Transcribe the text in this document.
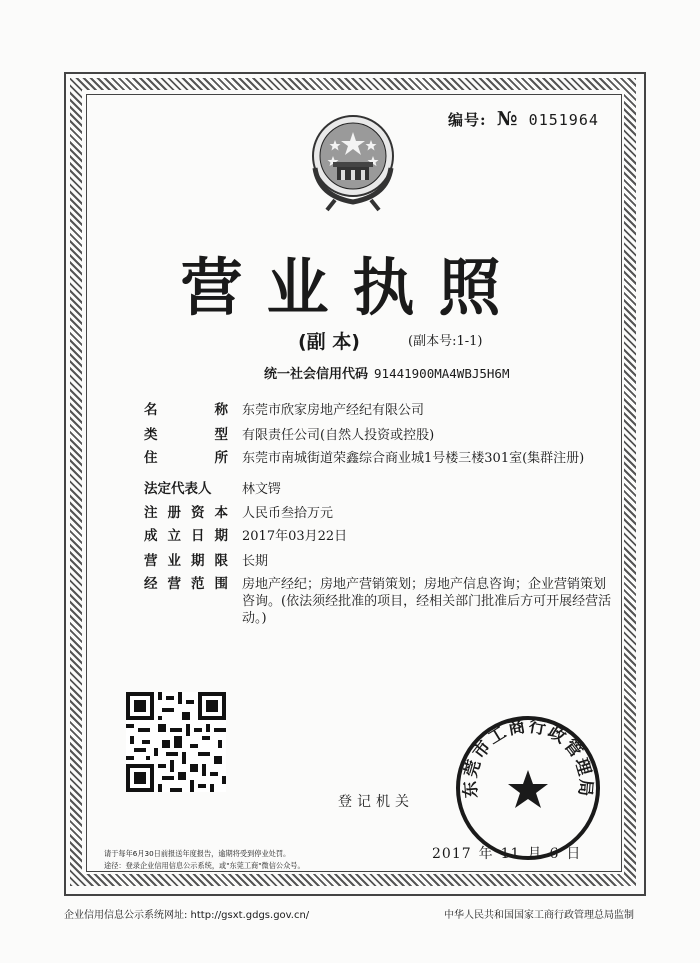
编号: № 0151964
营业执照
(副 本)	(副本号:1-1)
统一社会信用代码 91441900MA4WBJ5H6M
名	称 东莞市欣家房地产经纪有限公司
类	型 有限责任公司(自然人投资或控股)
住	所 东莞市南城街道荣鑫综合商业城1号楼三楼301室(集群注册)
法定代表人	林文锷
注 册 资 本 人民币叁拾万元
成 立 日 期 2017年03月22日
营 业 期 限 长期
经 营 范 围 房地产经纪；房地产营销策划；房地产信息咨询；企业营销策划咨询。(依法须经批准的项目，经相关部门批准后方可开展经营活动。)
登记机关
东莞市工商行政管理局
2017 年 11 月 6 日
请于每年6月30日前报送年度报告，逾期将受到停业处罚。
途径：登录企业信用信息公示系统，或"东莞工商"微信公众号。
企业信用信息公示系统网址: http://gsxt.gdgs.gov.cn/	中华人民共和国国家工商行政管理总局监制
